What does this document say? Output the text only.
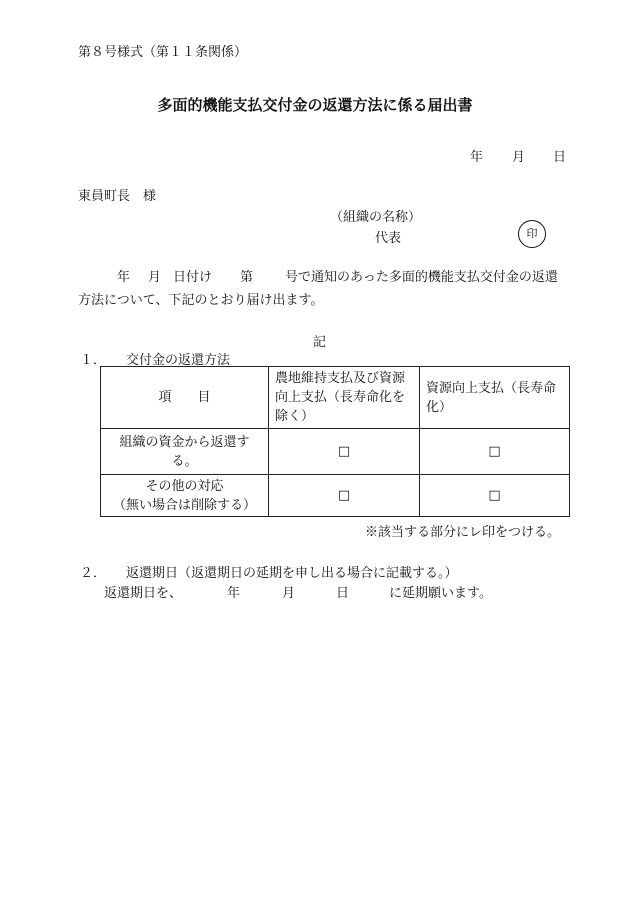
第８号様式（第１１条関係）
多面的機能支払交付金の返還方法に係る届出書
年 月 日
東員町長　様
（組織の名称）
代表	印
年 月 日付け 第 号で通知のあった多面的機能支払交付金の返還
方法について、下記のとおり届け出ます。
記
１． 交付金の返還方法
項　　目	農地維持支払及び資源向上支払（長寿命化を除く）	資源向上支払（長寿命化）
組織の資金から返還する。	□	□

その他の対応
（無い場合は削除する）	□	□
※該当する部分にレ印をつける。
２． 返還期日（返還期日の延期を申し出る場合に記載する。）
返還期日を、	年	月	日	に延期願います。
